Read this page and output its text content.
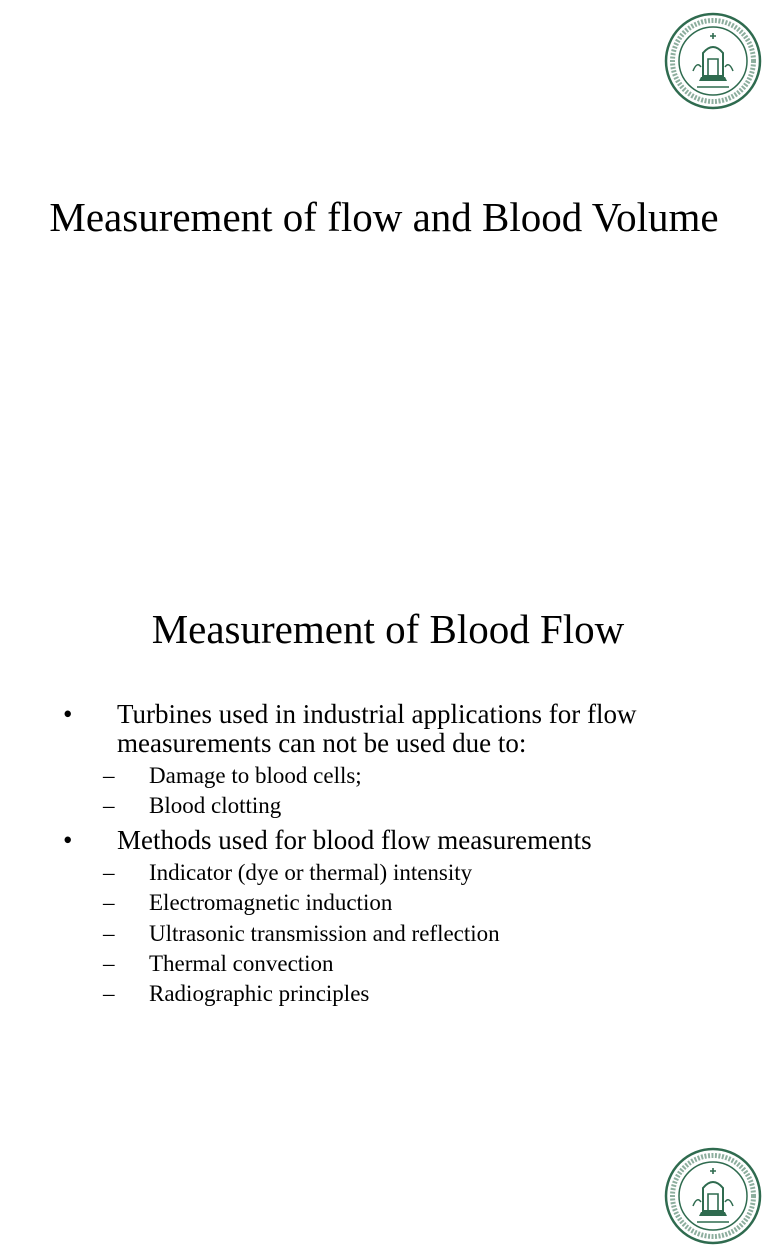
Measurement of flow and Blood Volume
Measurement of Blood Flow
• Turbines used in industrial applications for flow measurements can not be used due to:
– Damage to blood cells;
– Blood clotting
• Methods used for blood flow measurements
– Indicator (dye or thermal) intensity
– Electromagnetic induction
– Ultrasonic transmission and reflection
– Thermal convection
– Radiographic principles
